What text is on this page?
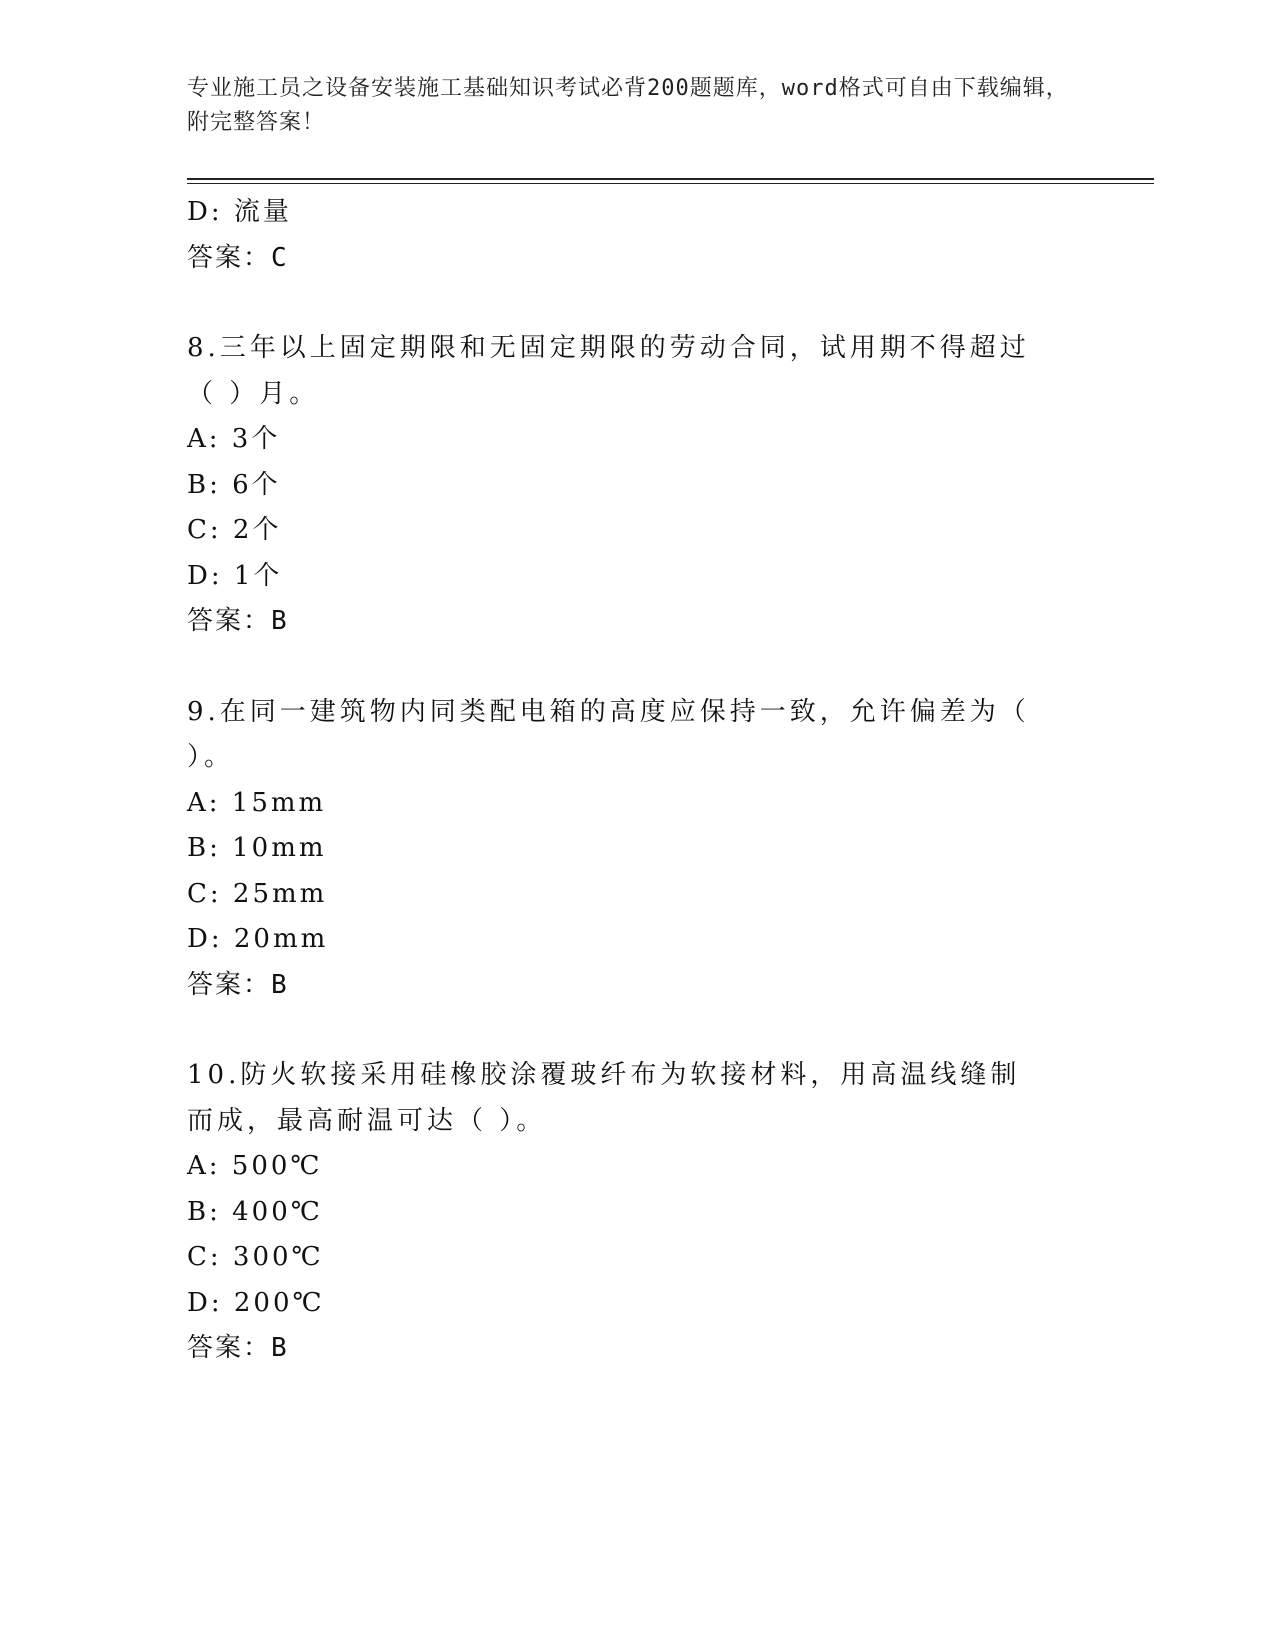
专业施工员之设备安装施工基础知识考试必背200题题库，word格式可自由下载编辑，附完整答案！
D: 流量
答案：C
8.三年以上固定期限和无固定期限的劳动合同，试用期不得超过（ ）月。
A: 3个
B: 6个
C: 2个
D: 1个
答案：B
9.在同一建筑物内同类配电箱的高度应保持一致，允许偏差为（ ）。
A: 15mm
B: 10mm
C: 25mm
D: 20mm
答案：B
10.防火软接采用硅橡胶涂覆玻纤布为软接材料，用高温线缝制而成，最高耐温可达（ ）。
A: 500℃
B: 400℃
C: 300℃
D: 200℃
答案：B
